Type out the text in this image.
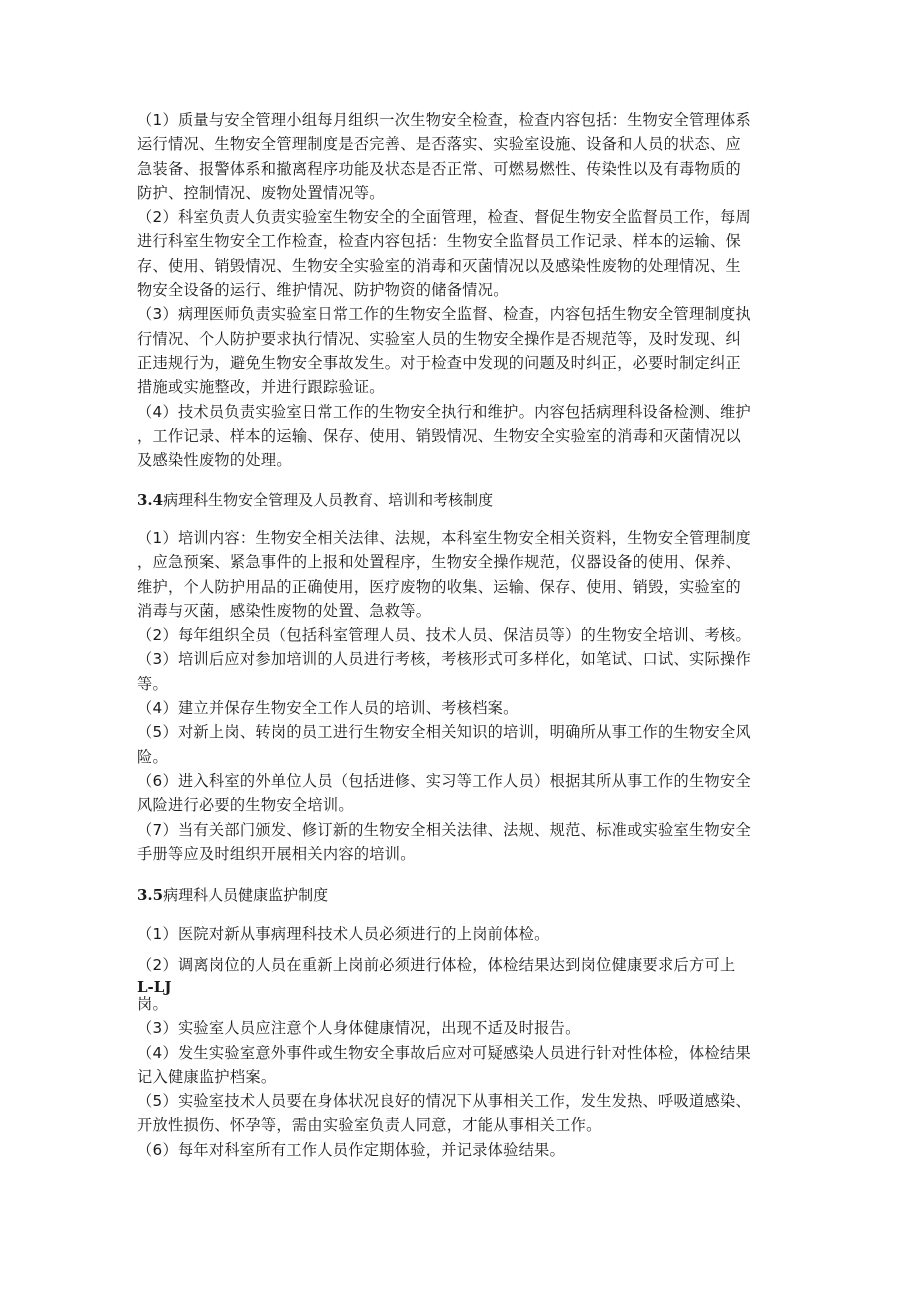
（1）质量与安全管理小组每月组织一次生物安全检查，检查内容包括：生物安全管理体系
运行情况、生物安全管理制度是否完善、是否落实、实验室设施、设备和人员的状态、应
急装备、报警体系和撤离程序功能及状态是否正常、可燃易燃性、传染性以及有毒物质的
防护、控制情况、废物处置情况等。
（2）科室负责人负责实验室生物安全的全面管理，检查、督促生物安全监督员工作，每周
进行科室生物安全工作检查，检查内容包括：生物安全监督员工作记录、样本的运输、保
存、使用、销毁情况、生物安全实验室的消毒和灭菌情况以及感染性废物的处理情况、生
物安全设备的运行、维护情况、防护物资的储备情况。
（3）病理医师负责实验室日常工作的生物安全监督、检查，内容包括生物安全管理制度执
行情况、个人防护要求执行情况、实验室人员的生物安全操作是否规范等，及时发现、纠
正违规行为，避免生物安全事故发生。对于检查中发现的问题及时纠正，必要时制定纠正
措施或实施整改，并进行跟踪验证。
（4）技术员负责实验室日常工作的生物安全执行和维护。内容包括病理科设备检测、维护
，工作记录、样本的运输、保存、使用、销毁情况、生物安全实验室的消毒和灭菌情况以
及感染性废物的处理。
3.4病理科生物安全管理及人员教育、培训和考核制度
（1）培训内容：生物安全相关法律、法规，本科室生物安全相关资料，生物安全管理制度
，应急预案、紧急事件的上报和处置程序，生物安全操作规范，仪器设备的使用、保养、
维护，个人防护用品的正确使用，医疗废物的收集、运输、保存、使用、销毁，实验室的
消毒与灭菌，感染性废物的处置、急救等。
（2）每年组织全员（包括科室管理人员、技术人员、保洁员等）的生物安全培训、考核。
（3）培训后应对参加培训的人员进行考核，考核形式可多样化，如笔试、口试、实际操作
等。
（4）建立并保存生物安全工作人员的培训、考核档案。
（5）对新上岗、转岗的员工进行生物安全相关知识的培训，明确所从事工作的生物安全风
险。
（6）进入科室的外单位人员（包括进修、实习等工作人员）根据其所从事工作的生物安全
风险进行必要的生物安全培训。
（7）当有关部门颁发、修订新的生物安全相关法律、法规、规范、标准或实验室生物安全
手册等应及时组织开展相关内容的培训。
3.5病理科人员健康监护制度
（1）医院对新从事病理科技术人员必须进行的上岗前体检。
（2）调离岗位的人员在重新上岗前必须进行体检，体检结果达到岗位健康要求后方可上
L-LJ
岗。
（3）实验室人员应注意个人身体健康情况，出现不适及时报告。
（4）发生实验室意外事件或生物安全事故后应对可疑感染人员进行针对性体检，体检结果
记入健康监护档案。
（5）实验室技术人员要在身体状况良好的情况下从事相关工作，发生发热、呼吸道感染、
开放性损伤、怀孕等，需由实验室负责人同意，才能从事相关工作。
（6）每年对科室所有工作人员作定期体验，并记录体验结果。
